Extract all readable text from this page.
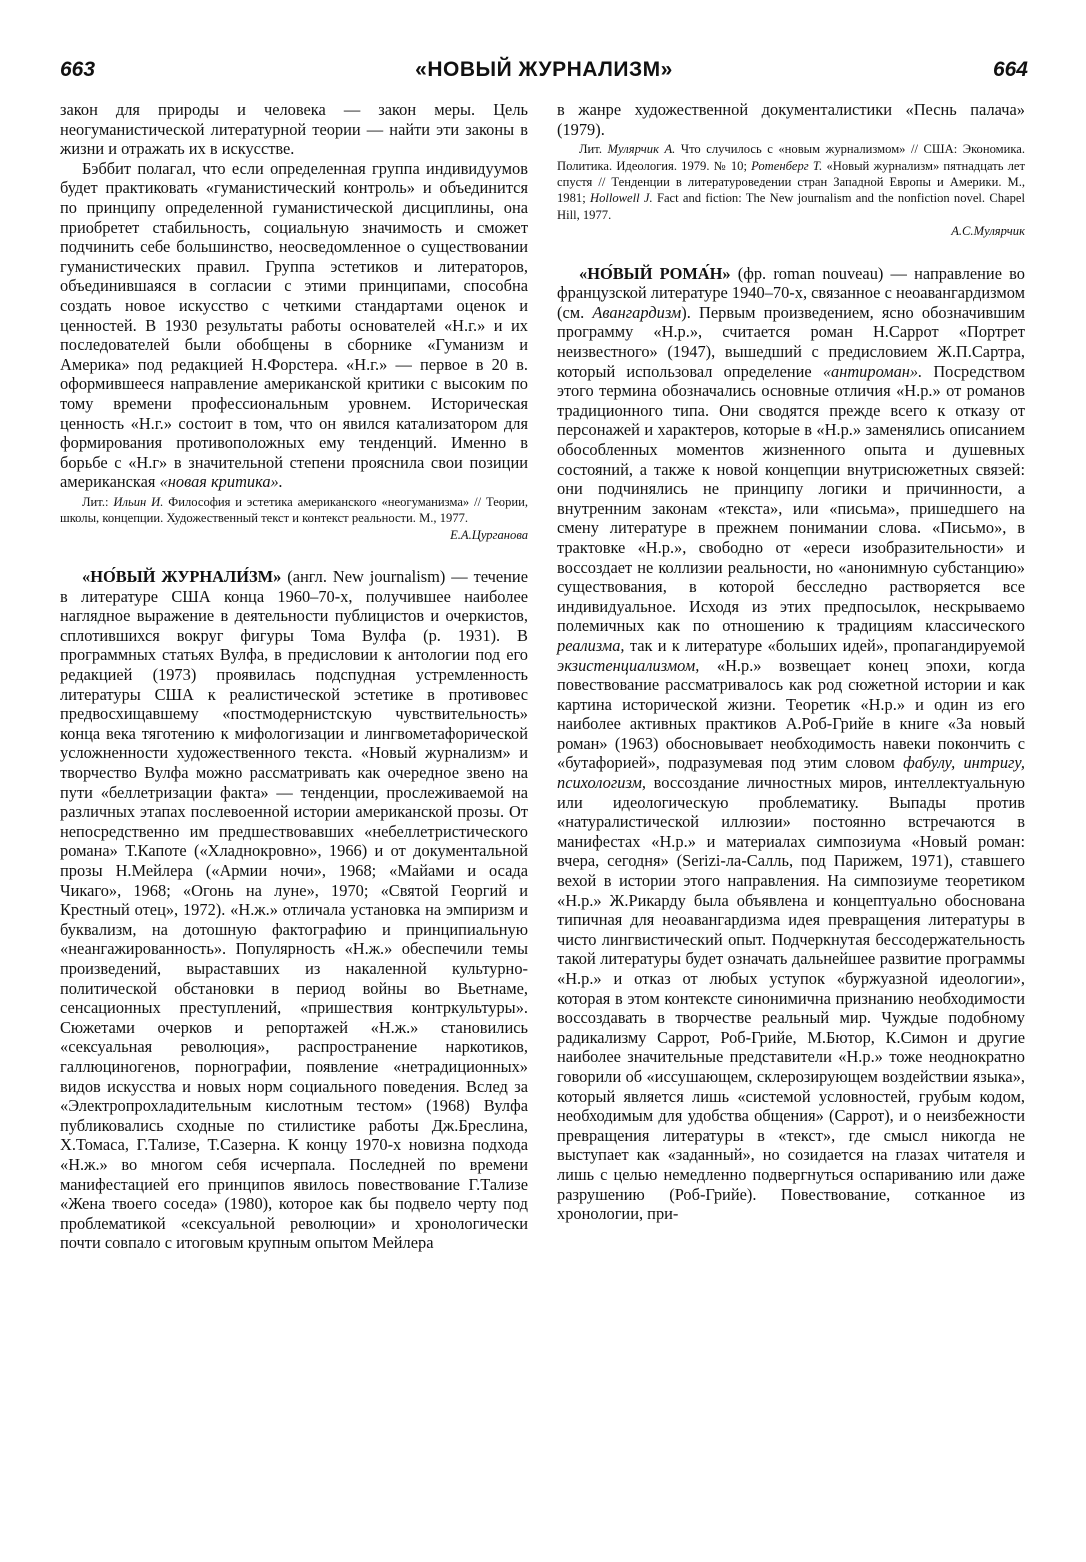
663	«НОВЫЙ ЖУРНАЛИЗМ»	664

закон для природы и человека — закон меры. Цель неогуманистической литературной теории — найти эти законы в жизни и отражать их в искусстве.

Бэббит полагал, что если определенная группа индивидуумов будет практиковать «гуманистический контроль» и объединится по принципу определенной гуманистической дисциплины, она приобретет стабильность, социальную значимость и сможет подчинить себе большинство, неосведомленное о существовании гуманистических правил. Группа эстетиков и литераторов, объединившаяся в согласии с этими принципами, способна создать новое искусство с четкими стандартами оценок и ценностей. В 1930 результаты работы основателей «Н.г.» и их последователей были обобщены в сборнике «Гуманизм и Америка» под редакцией Н.Форстера. «Н.г.» — первое в 20 в. оформившееся направление американской критики с высоким по тому времени профессиональным уровнем. Историческая ценность «Н.г.» состоит в том, что он явился катализатором для формирования противоположных ему тенденций. Именно в борьбе с «Н.г» в значительной степени прояснила свои позиции американская «новая критика».

Лит.: Ильин И. Философия и эстетика американского «неогуманизма» // Теории, школы, концепции. Художественный текст и контекст реальности. М., 1977.
Е.А.Цурганова

«НО́ВЫЙ ЖУРНАЛИ́ЗМ» (англ. New journalism) — течение в литературе США конца 1960–70-х, получившее наиболее наглядное выражение в деятельности публицистов и очеркистов, сплотившихся вокруг фигуры Тома Вулфа (р. 1931). В программных статьях Вулфа, в предисловии к антологии под его редакцией (1973) проявилась подспудная устремленность литературы США к реалистической эстетике в противовес предвосхищавшему «постмодернистскую чувствительность» конца века тяготению к мифологизации и лингвометафорической усложненности художественного текста. «Новый журнализм» и творчество Вулфа можно рассматривать как очередное звено на пути «беллетризации факта» — тенденции, прослеживаемой на различных этапах послевоенной истории американской прозы. От непосредственно им предшествовавших «небеллетристического романа» Т.Капоте («Хладнокровно», 1966) и от документальной прозы Н.Мейлера («Армии ночи», 1968; «Майами и осада Чикаго», 1968; «Огонь на луне», 1970; «Святой Георгий и Крестный отец», 1972). «Н.ж.» отличала установка на эмпиризм и буквализм, на дотошную фактографию и принципиальную «неангажированность». Популярность «Н.ж.» обеспечили темы произведений, выраставших из накаленной культурно-политической обстановки в период войны во Вьетнаме, сенсационных преступлений, «пришествия контркультуры». Сюжетами очерков и репортажей «Н.ж.» становились «сексуальная революция», распространение наркотиков, галлюциногенов, порнографии, появление «нетрадиционных» видов искусства и новых норм социального поведения. Вслед за «Электропрохладительным кислотным тестом» (1968) Вулфа публиковались сходные по стилистике работы Дж.Бреслина, Х.Томаса, Г.Тализе, Т.Сазерна. К концу 1970-х новизна подхода «Н.ж.» во многом себя исчерпала. Последней по времени манифестацией его принципов явилось повествование Г.Тализе «Жена твоего соседа» (1980), которое как бы подвело черту под проблематикой «сексуальной революции» и хронологически почти совпало с итоговым крупным опытом Мейлера

в жанре художественной документалистики «Песнь палача» (1979).

Лит. Мулярчик А. Что случилось с «новым журнализмом» // США: Экономика. Политика. Идеология. 1979. № 10; Ротенберг Т. «Новый журнализм» пятнадцать лет спустя // Тенденции в литературоведении стран Западной Европы и Америки. М., 1981; Hollowell J. Fact and fiction: The New journalism and the nonfiction novel. Chapel Hill, 1977.
А.С.Мулярчик

«НО́ВЫЙ РОМА́Н» (фр. roman nouveau) — направление во французской литературе 1940–70-х, связанное с неоавангардизмом (см. Авангардизм). Первым произведением, ясно обозначившим программу «Н.р.», считается роман Н.Саррот «Портрет неизвестного» (1947), вышедший с предисловием Ж.П.Сартра, который использовал определение «антироман». Посредством этого термина обозначались основные отличия «Н.р.» от романов традиционного типа. Они сводятся прежде всего к отказу от персонажей и характеров, которые в «Н.р.» заменялись описанием обособленных моментов жизненного опыта и душевных состояний, а также к новой концепции внутрисюжетных связей: они подчинялись не принципу логики и причинности, а внутренним законам «текста», или «письма», пришедшего на смену литературе в прежнем понимании слова. «Письмо», в трактовке «Н.р.», свободно от «ереси изобразительности» и воссоздает не коллизии реальности, но «анонимную субстанцию» существования, в которой бесследно растворяется все индивидуальное. Исходя из этих предпосылок, нескрываемо полемичных как по отношению к традициям классического реализма, так и к литературе «больших идей», пропагандируемой экзистенциализмом, «Н.р.» возвещает конец эпохи, когда повествование рассматривалось как род сюжетной истории и как картина исторической жизни. Теоретик «Н.р.» и один из его наиболее активных практиков А.Роб-Грийе в книге «За новый роман» (1963) обосновывает необходимость навеки покончить с «бутафорией», подразумевая под этим словом фабулу, интригу, психологизм, воссоздание личностных миров, интеллектуальную или идеологическую проблематику. Выпады против «натуралистической иллюзии» постоянно встречаются в манифестах «Н.р.» и материалах симпозиума «Новый роман: вчера, сегодня» (Serizi-ла-Салль, под Парижем, 1971), ставшего вехой в истории этого направления. На симпозиуме теоретиком «Н.р.» Ж.Рикарду была объявлена и концептуально обоснована типичная для неоавангардизма идея превращения литературы в чисто лингвистический опыт. Подчеркнутая бессодержательность такой литературы будет означать дальнейшее развитие программы «Н.р.» и отказ от любых уступок «буржуазной идеологии», которая в этом контексте синонимична признанию необходимости воссоздавать в творчестве реальный мир. Чуждые подобному радикализму Саррот, Роб-Грийе, М.Бютор, К.Симон и другие наиболее значительные представители «Н.р.» тоже неоднократно говорили об «иссушающем, склерозирующем воздействии языка», который является лишь «системой условностей, грубым кодом, необходимым для удобства общения» (Саррот), и о неизбежности превращения литературы в «текст», где смысл никогда не выступает как «заданный», но созидается на глазах читателя и лишь с целью немедленно подвергнуться оспариванию или даже разрушению (Роб-Грийе). Повествование, сотканное из хронологии, при-
